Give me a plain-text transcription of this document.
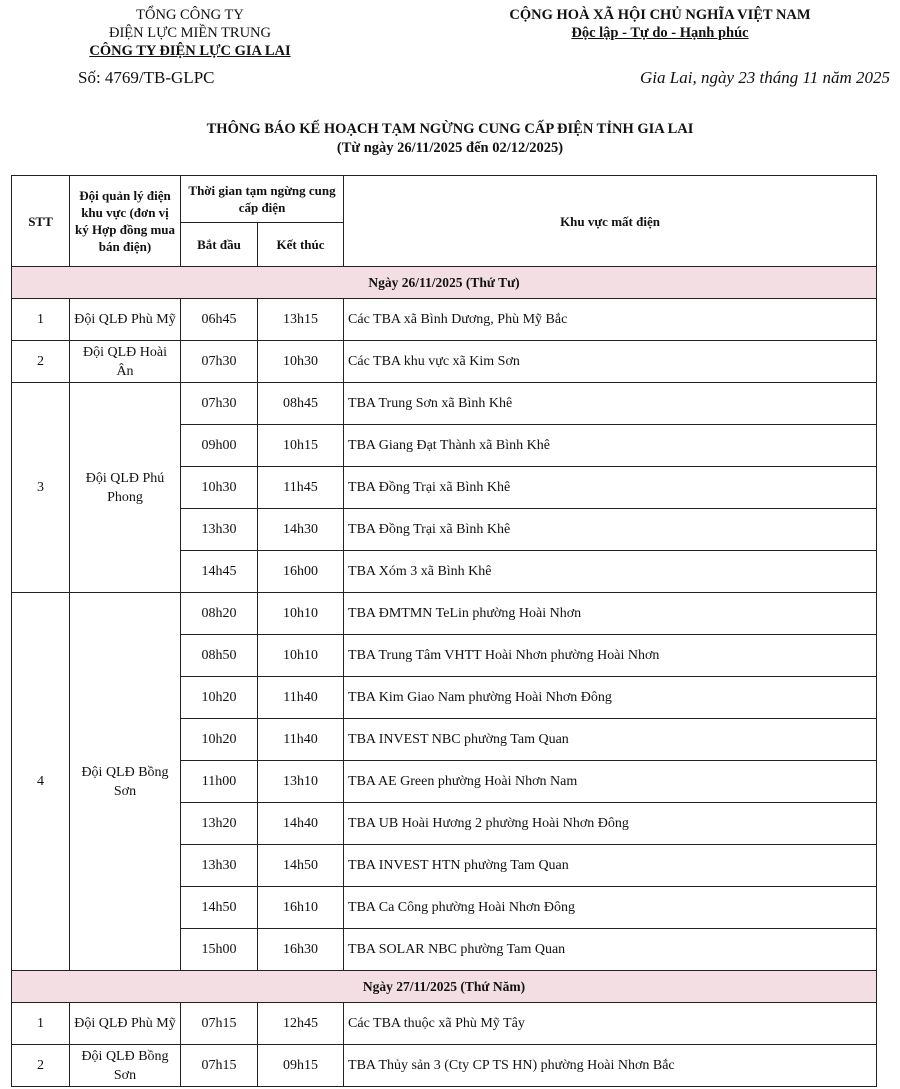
TỔNG CÔNG TY
ĐIỆN LỰC MIỀN TRUNG
CÔNG TY ĐIỆN LỰC GIA LAI
CỘNG HOÀ XÃ HỘI CHỦ NGHĨA VIỆT NAM
Độc lập - Tự do - Hạnh phúc
Số: 4769/TB-GLPC	Gia Lai, ngày 23 tháng 11 năm 2025
THÔNG BÁO KẾ HOẠCH TẠM NGỪNG CUNG CẤP ĐIỆN TỈNH GIA LAI
(Từ ngày 26/11/2025 đến 02/12/2025)
STT	Đội quản lý điện khu vực (đơn vị ký Hợp đồng mua bán điện)	Thời gian tạm ngừng cung cấp điện		Khu vực mất điện
		Bắt đầu	Kết thúc	
Ngày 26/11/2025 (Thứ Tư)				
1	Đội QLĐ Phù Mỹ	06h45	13h15	Các TBA xã Bình Dương, Phù Mỹ Bắc
2	Đội QLĐ Hoài Ân	07h30	10h30	Các TBA khu vực xã Kim Sơn
3	Đội QLĐ Phú Phong	07h30	08h45	TBA Trung Sơn xã Bình Khê
		09h00	10h15	TBA Giang Đạt Thành xã Bình Khê
		10h30	11h45	TBA Đồng Trại xã Bình Khê
		13h30	14h30	TBA Đồng Trại xã Bình Khê
		14h45	16h00	TBA Xóm 3 xã Bình Khê
4	Đội QLĐ Bồng Sơn	08h20	10h10	TBA ĐMTMN TeLin phường Hoài Nhơn
		08h50	10h10	TBA Trung Tâm VHTT Hoài Nhơn phường Hoài Nhơn
		10h20	11h40	TBA Kim Giao Nam phường Hoài Nhơn Đông
		10h20	11h40	TBA INVEST NBC phường Tam Quan
		11h00	13h10	TBA AE Green phường Hoài Nhơn Nam
		13h20	14h40	TBA UB Hoài Hương 2 phường Hoài Nhơn Đông
		13h30	14h50	TBA INVEST HTN phường Tam Quan
		14h50	16h10	TBA Ca Công phường Hoài Nhơn Đông
		15h00	16h30	TBA SOLAR NBC phường Tam Quan
Ngày 27/11/2025 (Thứ Năm)				
1	Đội QLĐ Phù Mỹ	07h15	12h45	Các TBA thuộc xã Phù Mỹ Tây
2	Đội QLĐ Bồng Sơn	07h15	09h15	TBA Thủy sản 3 (Cty CP TS HN) phường Hoài Nhơn Bắc
